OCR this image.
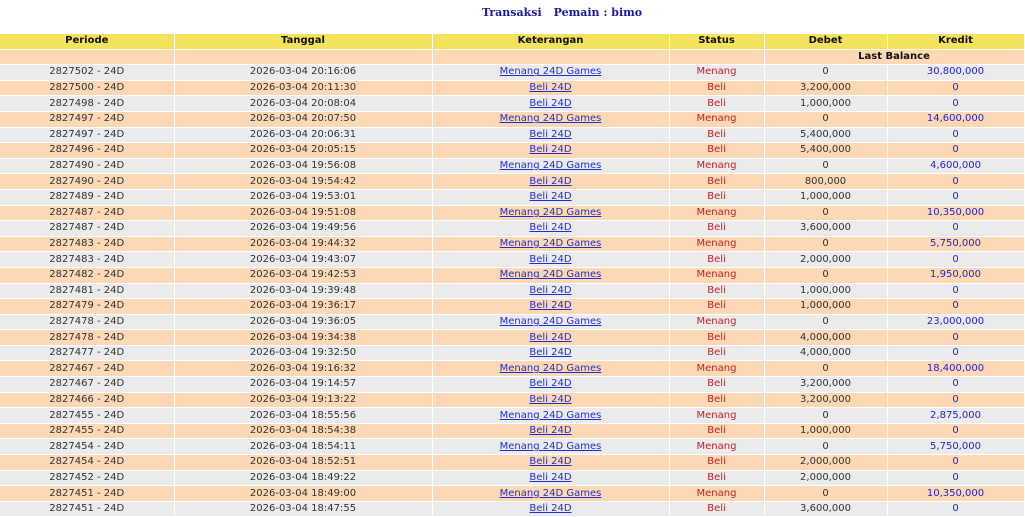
Transaksi Pemain : bimo
Periode	Tanggal	Keterangan	Status	Debet	Kredit
				Last Balance	
2827502 - 24D	2026-03-04 20:16:06	Menang 24D Games	Menang	0	30,800,000
2827500 - 24D	2026-03-04 20:11:30	Beli 24D	Beli	3,200,000	0
2827498 - 24D	2026-03-04 20:08:04	Beli 24D	Beli	1,000,000	0
2827497 - 24D	2026-03-04 20:07:50	Menang 24D Games	Menang	0	14,600,000
2827497 - 24D	2026-03-04 20:06:31	Beli 24D	Beli	5,400,000	0
2827496 - 24D	2026-03-04 20:05:15	Beli 24D	Beli	5,400,000	0
2827490 - 24D	2026-03-04 19:56:08	Menang 24D Games	Menang	0	4,600,000
2827490 - 24D	2026-03-04 19:54:42	Beli 24D	Beli	800,000	0
2827489 - 24D	2026-03-04 19:53:01	Beli 24D	Beli	1,000,000	0
2827487 - 24D	2026-03-04 19:51:08	Menang 24D Games	Menang	0	10,350,000
2827487 - 24D	2026-03-04 19:49:56	Beli 24D	Beli	3,600,000	0
2827483 - 24D	2026-03-04 19:44:32	Menang 24D Games	Menang	0	5,750,000
2827483 - 24D	2026-03-04 19:43:07	Beli 24D	Beli	2,000,000	0
2827482 - 24D	2026-03-04 19:42:53	Menang 24D Games	Menang	0	1,950,000
2827481 - 24D	2026-03-04 19:39:48	Beli 24D	Beli	1,000,000	0
2827479 - 24D	2026-03-04 19:36:17	Beli 24D	Beli	1,000,000	0
2827478 - 24D	2026-03-04 19:36:05	Menang 24D Games	Menang	0	23,000,000
2827478 - 24D	2026-03-04 19:34:38	Beli 24D	Beli	4,000,000	0
2827477 - 24D	2026-03-04 19:32:50	Beli 24D	Beli	4,000,000	0
2827467 - 24D	2026-03-04 19:16:32	Menang 24D Games	Menang	0	18,400,000
2827467 - 24D	2026-03-04 19:14:57	Beli 24D	Beli	3,200,000	0
2827466 - 24D	2026-03-04 19:13:22	Beli 24D	Beli	3,200,000	0
2827455 - 24D	2026-03-04 18:55:56	Menang 24D Games	Menang	0	2,875,000
2827455 - 24D	2026-03-04 18:54:38	Beli 24D	Beli	1,000,000	0
2827454 - 24D	2026-03-04 18:54:11	Menang 24D Games	Menang	0	5,750,000
2827454 - 24D	2026-03-04 18:52:51	Beli 24D	Beli	2,000,000	0
2827452 - 24D	2026-03-04 18:49:22	Beli 24D	Beli	2,000,000	0
2827451 - 24D	2026-03-04 18:49:00	Menang 24D Games	Menang	0	10,350,000
2827451 - 24D	2026-03-04 18:47:55	Beli 24D	Beli	3,600,000	0
